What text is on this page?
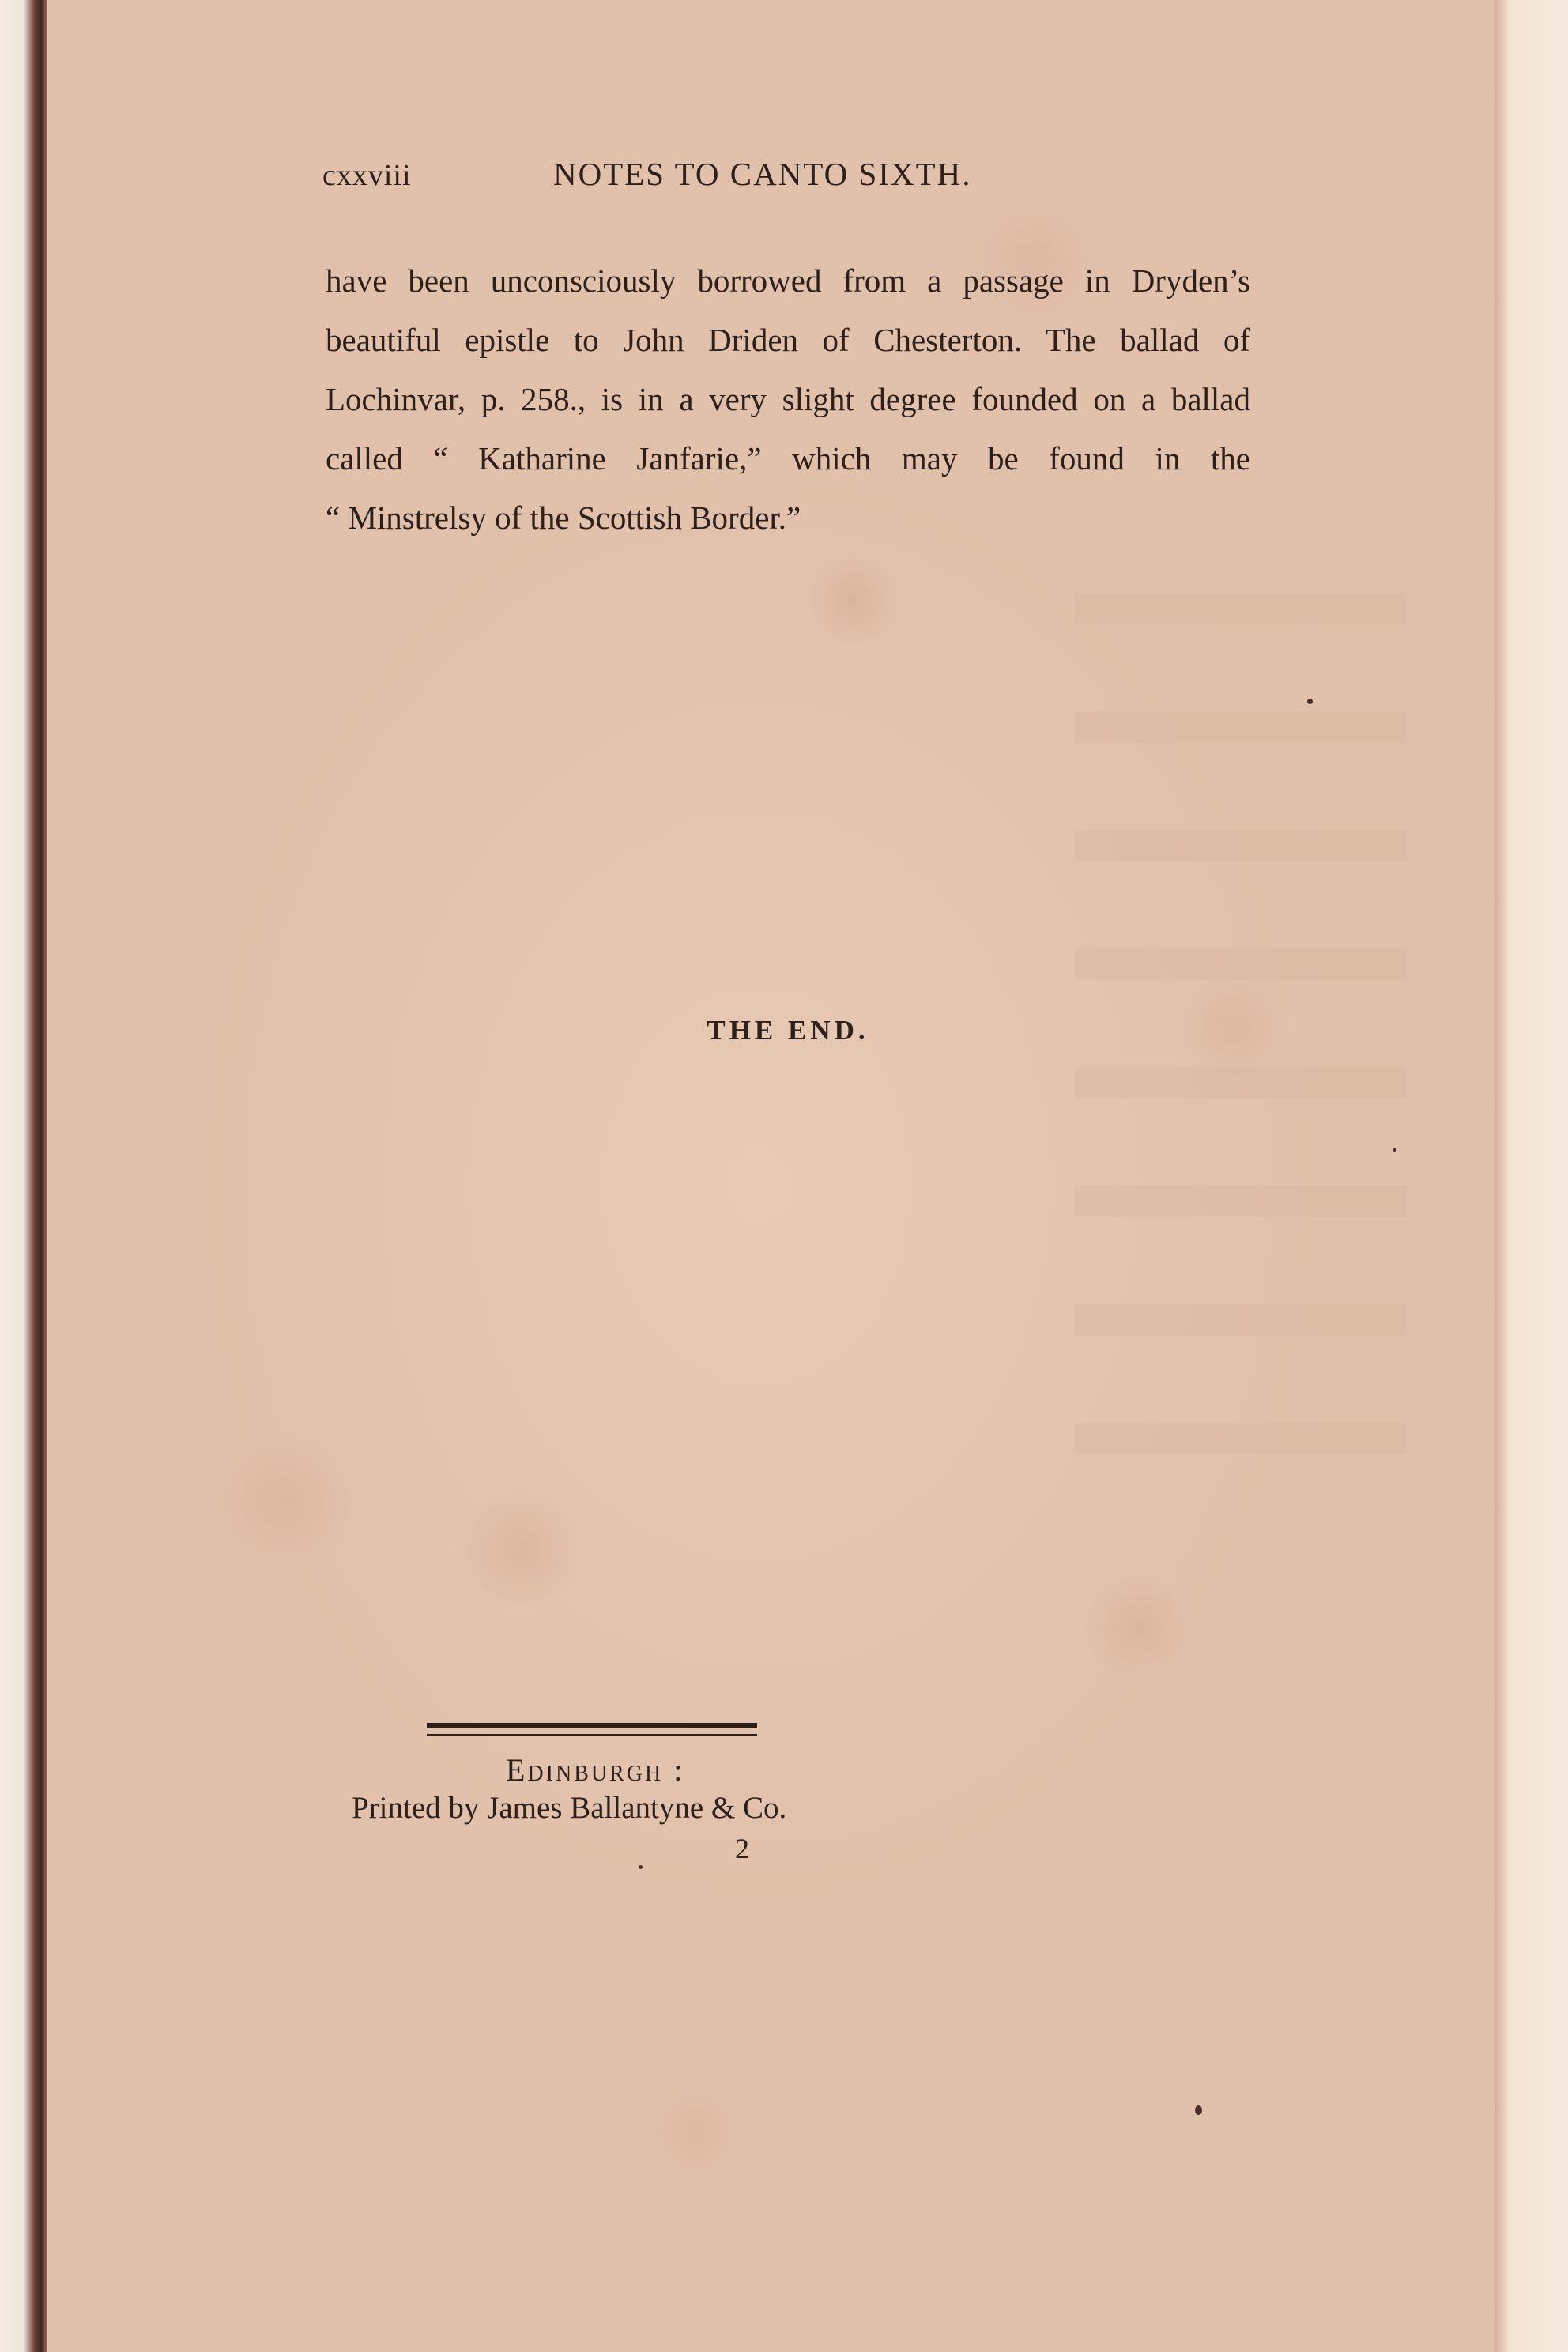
cxxviii	NOTES TO CANTO SIXTH.
have been unconsciously borrowed from a passage in Dryden’s
beautiful epistle to John Driden of Chesterton. The ballad of
Lochinvar, p. 258., is in a very slight degree founded on a ballad
called “ Katharine Janfarie,” which may be found in the
“ Minstrelsy of the Scottish Border.”
THE END.
Edinburgh :
Printed by James Ballantyne & Co.
2
